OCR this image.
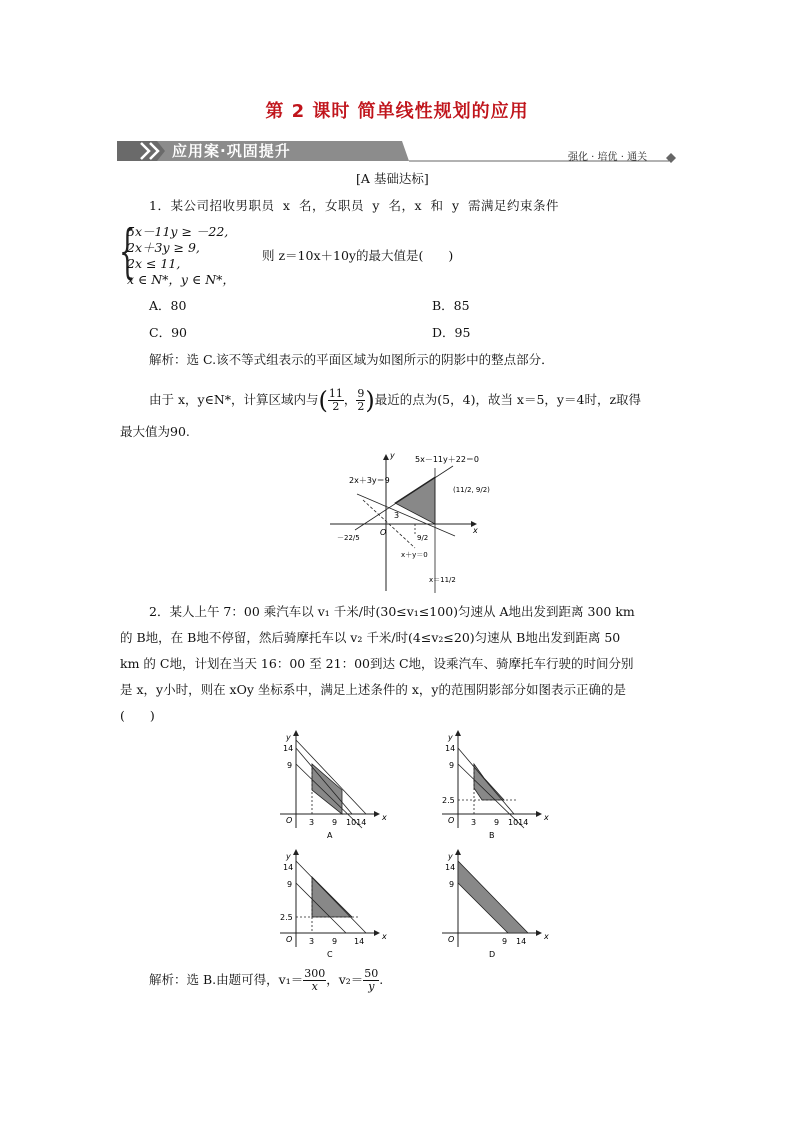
第 2 课时 简单线性规划的应用
应用案·巩固提升	强化 · 培优 · 通关
[A 基础达标]
1．某公司招收男职员 x 名，女职员 y 名，x 和 y 需满足约束条件
{
5x－11y ≥ －22,
2x＋3y ≥ 9,
2x ≤ 11,
x ∈ N*，y ∈ N*，
则 z＝10x＋10y的最大值是(　　)
A．80	B．85
C．90	D．95
解析：选 C.该不等式组表示的平面区域为如图所示的阴影中的整点部分．
由于 x，y∈N*，计算区域内与( $\frac{11}{2}$ ， $\frac{9}{2}$ )最近的点为(5，4)，故当 x＝5，y＝4时，z取得
最大值为90.
2x＋3y＝9
5x－11y＋22＝0
3
O	x
y
－22/5	9/2
x＋y＝0
(11/2, 9/2)
x＝11/2
2．某人上午 7：00 乘汽车以 v₁ 千米/时(30≤v₁≤100)匀速从 A地出发到距离 300 km
的 B地，在 B地不停留，然后骑摩托车以 v₂ 千米/时(4≤v₂≤20)匀速从 B地出发到距离 50
km 的 C地，计划在当天 16：00 至 21：00到达 C地，设乘汽车、骑摩托车行驶的时间分别
是 x，y小时，则在 xOy 坐标系中，满足上述条件的 x，y的范围阴影部分如图表示正确的是
(　　)
y
x
O
14
9
3 9 1014
A
y
x
O
14
9
2.5
3 9 1014
B
y
x
O
14
9
2.5
3 9 14
C
y
x
O
14
9
9 14
D
解析：选 B.由题可得，$v_1= \frac{300}{x}$ ，$v_2= \frac{50}{y}$ .
